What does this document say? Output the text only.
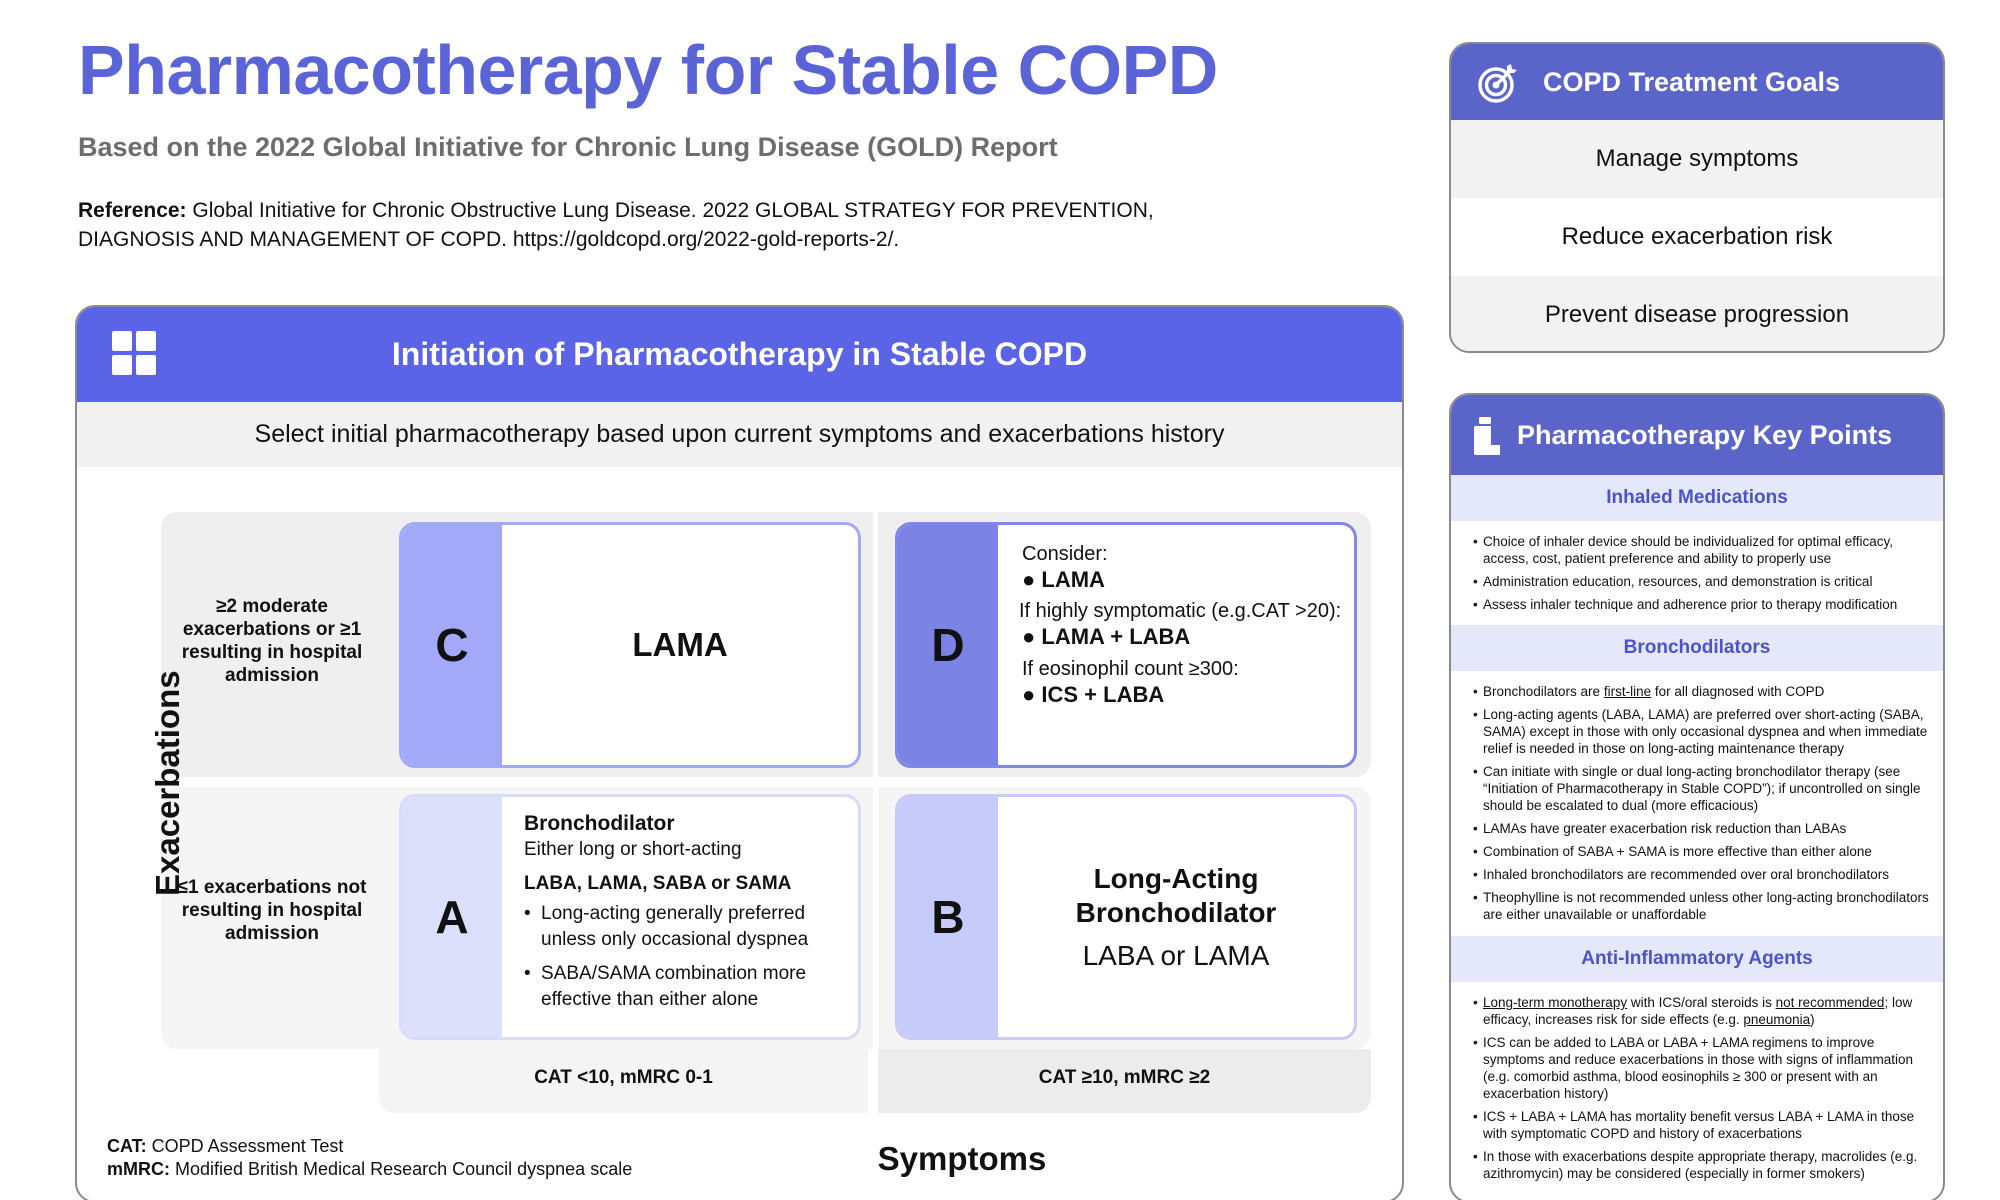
Pharmacotherapy for Stable COPD
Based on the 2022 Global Initiative for Chronic Lung Disease (GOLD) Report
Reference: Global Initiative for Chronic Obstructive Lung Disease. 2022 GLOBAL STRATEGY FOR PREVENTION, DIAGNOSIS AND MANAGEMENT OF COPD. https://goldcopd.org/2022-gold-reports-2/.
Initiation of Pharmacotherapy in Stable COPD
Select initial pharmacotherapy based upon current symptoms and exacerbations history
≥2 moderate exacerbations or ≥1 resulting in hospital admission
≤1 exacerbations not resulting in hospital admission
Exacerbations
CAT <10, mMRC 0-1	CAT ≥10, mMRC ≥2
C	LAMA	D
Consider:
● LAMA
If highly symptomatic (e.g.CAT >20):
● LAMA + LABA
If eosinophil count ≥300:
● ICS + LABA
A
Bronchodilator
Either long or short-acting
LABA, LAMA, SABA or SAMA
• Long-acting generally preferred unless only occasional dyspnea
• SABA/SAMA combination more effective than either alone
B
Long-Acting Bronchodilator
LABA or LAMA
CAT: COPD Assessment Test
mMRC: Modified British Medical Research Council dyspnea scale	Symptoms
COPD Treatment Goals
Manage symptoms
Reduce exacerbation risk
Prevent disease progression
Pharmacotherapy Key Points
Inhaled Medications
• Choice of inhaler device should be individualized for optimal efficacy, access, cost, patient preference and ability to properly use
• Administration education, resources, and demonstration is critical
• Assess inhaler technique and adherence prior to therapy modification
Bronchodilators
• Bronchodilators are first-line for all diagnosed with COPD
• Long-acting agents (LABA, LAMA) are preferred over short-acting (SABA, SAMA) except in those with only occasional dyspnea and when immediate relief is needed in those on long-acting maintenance therapy
• Can initiate with single or dual long-acting bronchodilator therapy (see “Initiation of Pharmacotherapy in Stable COPD”); if uncontrolled on single should be escalated to dual (more efficacious)
• LAMAs have greater exacerbation risk reduction than LABAs
• Combination of SABA + SAMA is more effective than either alone
• Inhaled bronchodilators are recommended over oral bronchodilators
• Theophylline is not recommended unless other long-acting bronchodilators are either unavailable or unaffordable
Anti-Inflammatory Agents
• Long-term monotherapy with ICS/oral steroids is not recommended; low efficacy, increases risk for side effects (e.g. pneumonia)
• ICS can be added to LABA or LABA + LAMA regimens to improve symptoms and reduce exacerbations in those with signs of inflammation (e.g. comorbid asthma, blood eosinophils ≥ 300 or present with an exacerbation history)
• ICS + LABA + LAMA has mortality benefit versus LABA + LAMA in those with symptomatic COPD and history of exacerbations
• In those with exacerbations despite appropriate therapy, macrolides (e.g. azithromycin) may be considered (especially in former smokers)
